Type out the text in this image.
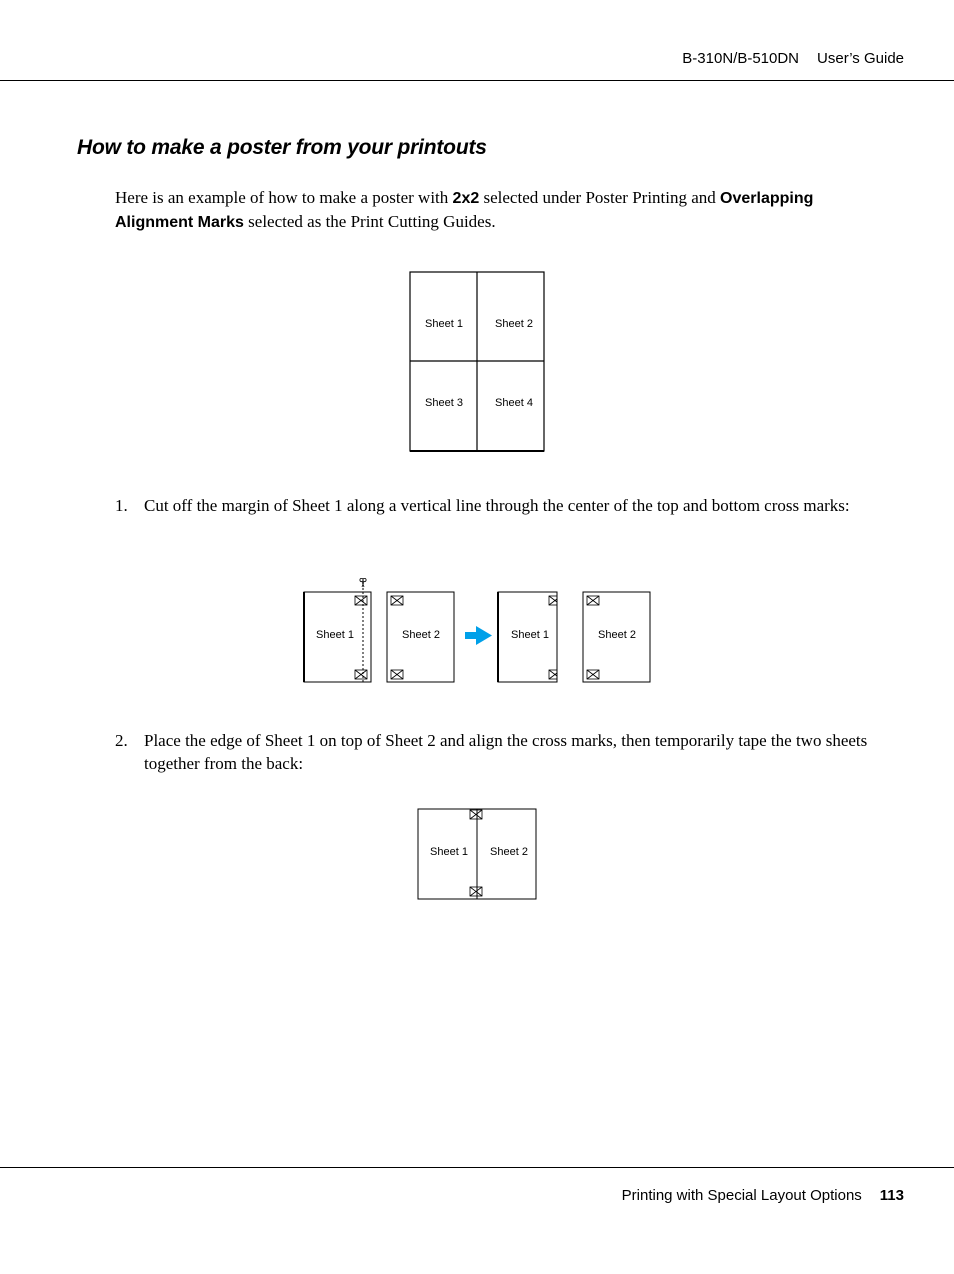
B-310N/B-510DN User’s Guide
How to make a poster from your printouts
Here is an example of how to make a poster with 2x2 selected under Poster Printing and Overlapping Alignment Marks selected as the Print Cutting Guides.
Sheet 1	Sheet 2
Sheet 3	Sheet 4
1. Cut off the margin of Sheet 1 along a vertical line through the center of the top and bottom cross marks:
Sheet 1	Sheet 2	Sheet 1	Sheet 2
2. Place the edge of Sheet 1 on top of Sheet 2 and align the cross marks, then temporarily tape the two sheets together from the back:
Sheet 1 Sheet 2
Printing with Special Layout Options 113
